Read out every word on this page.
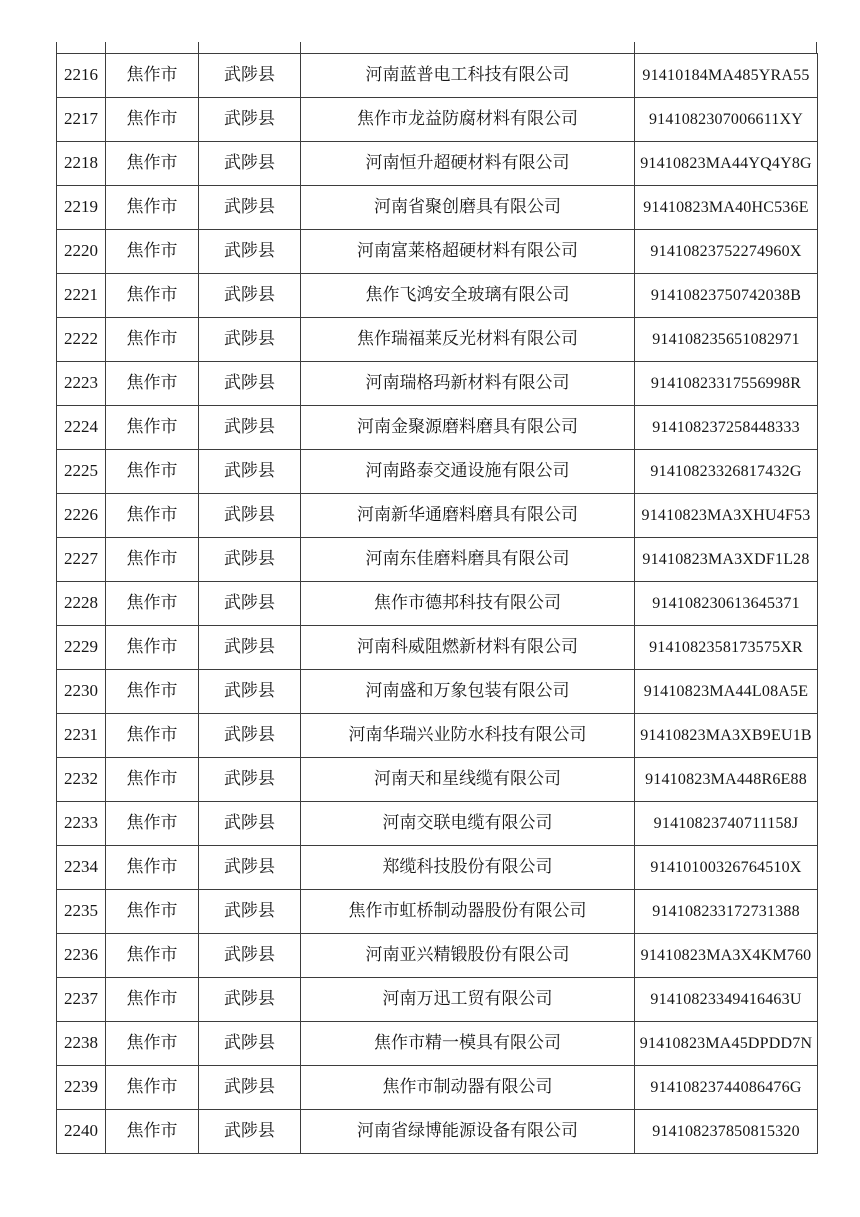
2216	焦作市	武陟县	河南蓝普电工科技有限公司	91410184MA485YRA55
2217	焦作市	武陟县	焦作市龙益防腐材料有限公司	9141082307006611XY
2218	焦作市	武陟县	河南恒升超硬材料有限公司	91410823MA44YQ4Y8G
2219	焦作市	武陟县	河南省聚创磨具有限公司	91410823MA40HC536E
2220	焦作市	武陟县	河南富莱格超硬材料有限公司	91410823752274960X
2221	焦作市	武陟县	焦作飞鸿安全玻璃有限公司	91410823750742038B
2222	焦作市	武陟县	焦作瑞福莱反光材料有限公司	914108235651082971
2223	焦作市	武陟县	河南瑞格玛新材料有限公司	91410823317556998R
2224	焦作市	武陟县	河南金聚源磨料磨具有限公司	914108237258448333
2225	焦作市	武陟县	河南路泰交通设施有限公司	91410823326817432G
2226	焦作市	武陟县	河南新华通磨料磨具有限公司	91410823MA3XHU4F53
2227	焦作市	武陟县	河南东佳磨料磨具有限公司	91410823MA3XDF1L28
2228	焦作市	武陟县	焦作市德邦科技有限公司	914108230613645371
2229	焦作市	武陟县	河南科威阻燃新材料有限公司	9141082358173575XR
2230	焦作市	武陟县	河南盛和万象包装有限公司	91410823MA44L08A5E
2231	焦作市	武陟县	河南华瑞兴业防水科技有限公司	91410823MA3XB9EU1B
2232	焦作市	武陟县	河南天和星线缆有限公司	91410823MA448R6E88
2233	焦作市	武陟县	河南交联电缆有限公司	91410823740711158J
2234	焦作市	武陟县	郑缆科技股份有限公司	91410100326764510X
2235	焦作市	武陟县	焦作市虹桥制动器股份有限公司	914108233172731388
2236	焦作市	武陟县	河南亚兴精锻股份有限公司	91410823MA3X4KM760
2237	焦作市	武陟县	河南万迅工贸有限公司	91410823349416463U
2238	焦作市	武陟县	焦作市精一模具有限公司	91410823MA45DPDD7N
2239	焦作市	武陟县	焦作市制动器有限公司	91410823744086476G
2240	焦作市	武陟县	河南省绿博能源设备有限公司	914108237850815320
